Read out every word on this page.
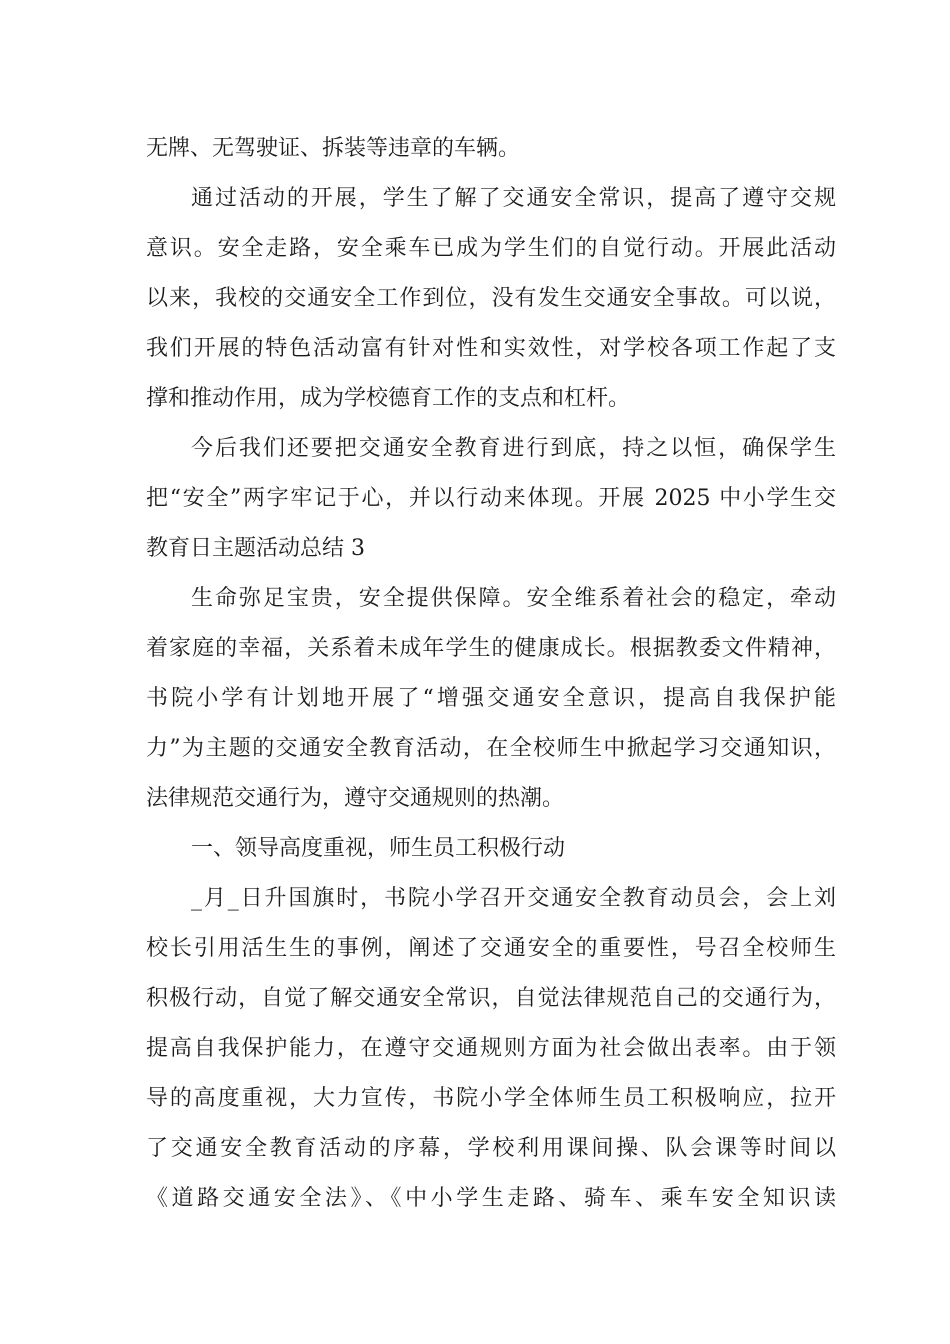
无牌、无驾驶证、拆装等违章的车辆。
通过活动的开展，学生了解了交通安全常识，提高了遵守交规
意识。安全走路，安全乘车已成为学生们的自觉行动。开展此活动
以来，我校的交通安全工作到位，没有发生交通安全事故。可以说，
我们开展的特色活动富有针对性和实效性，对学校各项工作起了支
撑和推动作用，成为学校德育工作的支点和杠杆。
今后我们还要把交通安全教育进行到底，持之以恒，确保学生
把“安全”两字牢记于心，并以行动来体现。开展 2025 中小学生交
教育日主题活动总结 3
生命弥足宝贵，安全提供保障。安全维系着社会的稳定，牵动
着家庭的幸福，关系着未成年学生的健康成长。根据教委文件精神，
书院小学有计划地开展了“增强交通安全意识，提高自我保护能
力”为主题的交通安全教育活动，在全校师生中掀起学习交通知识，
法律规范交通行为，遵守交通规则的热潮。
一、领导高度重视，师生员工积极行动
_月_日升国旗时，书院小学召开交通安全教育动员会，会上刘
校长引用活生生的事例，阐述了交通安全的重要性，号召全校师生
积极行动，自觉了解交通安全常识，自觉法律规范自己的交通行为，
提高自我保护能力，在遵守交通规则方面为社会做出表率。由于领
导的高度重视，大力宣传，书院小学全体师生员工积极响应，拉开
了交通安全教育活动的序幕，学校利用课间操、队会课等时间以
《道路交通安全法》、《中小学生走路、骑车、乘车安全知识读
